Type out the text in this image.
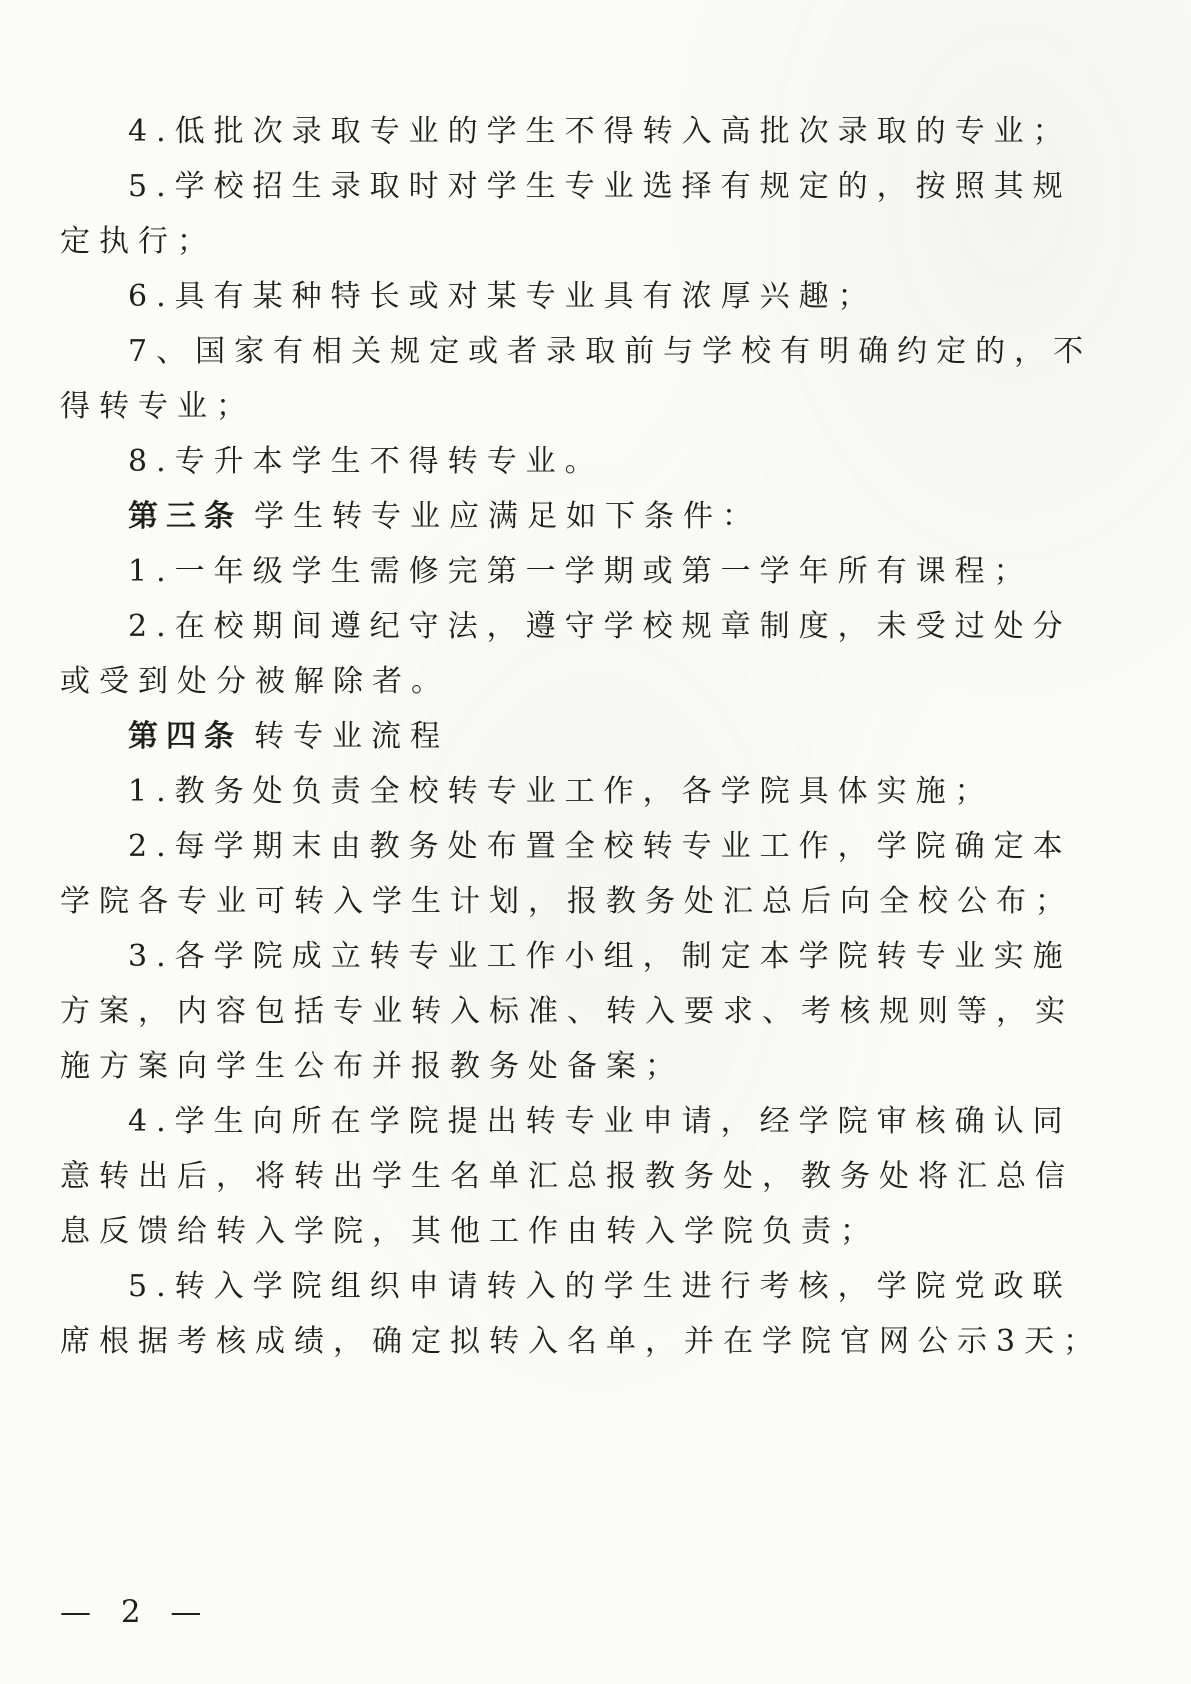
4.低批次录取专业的学生不得转入高批次录取的专业；
5.学校招生录取时对学生专业选择有规定的，按照其规
定执行；
6.具有某种特长或对某专业具有浓厚兴趣；
7、国家有相关规定或者录取前与学校有明确约定的，不
得转专业；
8.专升本学生不得转专业。
第三条 学生转专业应满足如下条件：
1.一年级学生需修完第一学期或第一学年所有课程；
2.在校期间遵纪守法，遵守学校规章制度，未受过处分
或受到处分被解除者。
第四条 转专业流程
1.教务处负责全校转专业工作，各学院具体实施；
2.每学期末由教务处布置全校转专业工作，学院确定本
学院各专业可转入学生计划，报教务处汇总后向全校公布；
3.各学院成立转专业工作小组，制定本学院转专业实施
方案，内容包括专业转入标准、转入要求、考核规则等，实
施方案向学生公布并报教务处备案；
4.学生向所在学院提出转专业申请，经学院审核确认同
意转出后，将转出学生名单汇总报教务处，教务处将汇总信
息反馈给转入学院，其他工作由转入学院负责；
5.转入学院组织申请转入的学生进行考核，学院党政联
席根据考核成绩，确定拟转入名单，并在学院官网公示3天；
— 2 —
